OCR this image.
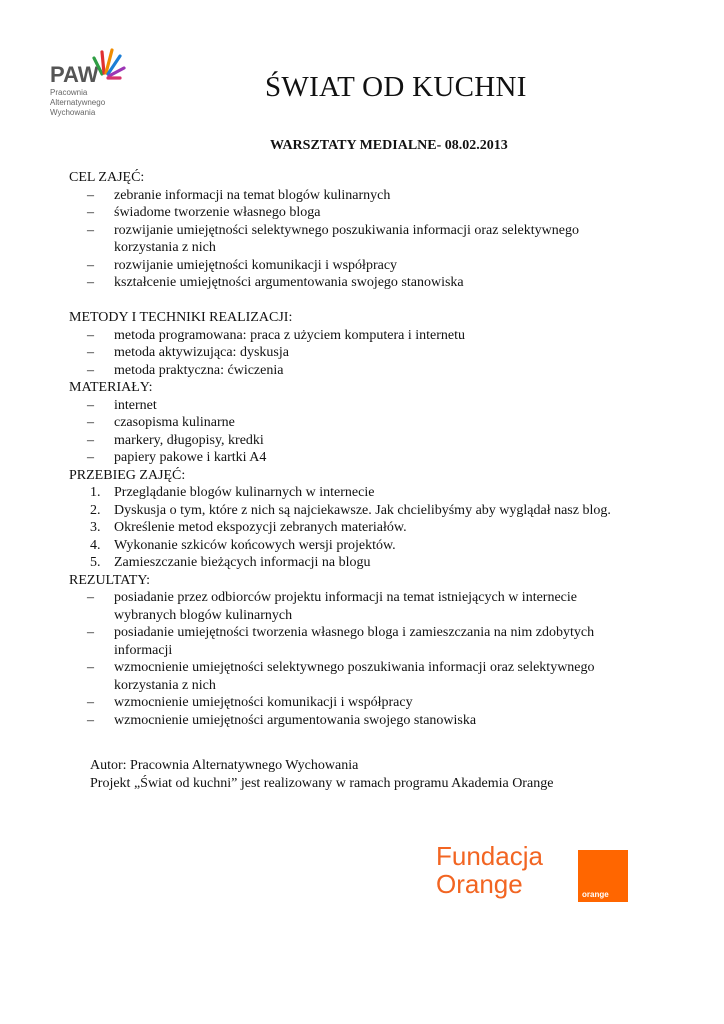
PAW
Pracownia
Alternatywnego
Wychowania
ŚWIAT OD KUCHNI
WARSZTATY MEDIALNE- 08.02.2013
CEL ZAJĘĆ:
– zebranie informacji na temat blogów kulinarnych
– świadome tworzenie własnego bloga
– rozwijanie umiejętności selektywnego poszukiwania informacji oraz selektywnego
korzystania z nich
– rozwijanie umiejętności komunikacji i współpracy
– kształcenie umiejętności argumentowania swojego stanowiska
METODY I TECHNIKI REALIZACJI:
– metoda programowana: praca z użyciem komputera i internetu
– metoda aktywizująca: dyskusja
– metoda praktyczna: ćwiczenia
MATERIAŁY:
– internet
– czasopisma kulinarne
– markery, długopisy, kredki
– papiery pakowe i kartki A4
PRZEBIEG ZAJĘĆ:
1. Przeglądanie blogów kulinarnych w internecie
2. Dyskusja o tym, które z nich są najciekawsze. Jak chcielibyśmy aby wyglądał nasz blog.
3. Określenie metod ekspozycji zebranych materiałów.
4. Wykonanie szkiców końcowych wersji projektów.
5. Zamieszczanie bieżących informacji na blogu
REZULTATY:
– posiadanie przez odbiorców projektu informacji na temat istniejących w internecie
wybranych blogów kulinarnych
– posiadanie umiejętności tworzenia własnego bloga i zamieszczania na nim zdobytych
informacji
– wzmocnienie umiejętności selektywnego poszukiwania informacji oraz selektywnego
korzystania z nich
– wzmocnienie umiejętności komunikacji i współpracy
– wzmocnienie umiejętności argumentowania swojego stanowiska
Autor: Pracownia Alternatywnego Wychowania
Projekt „Świat od kuchni” jest realizowany w ramach programu Akademia Orange
Fundacja
Orange	orange
